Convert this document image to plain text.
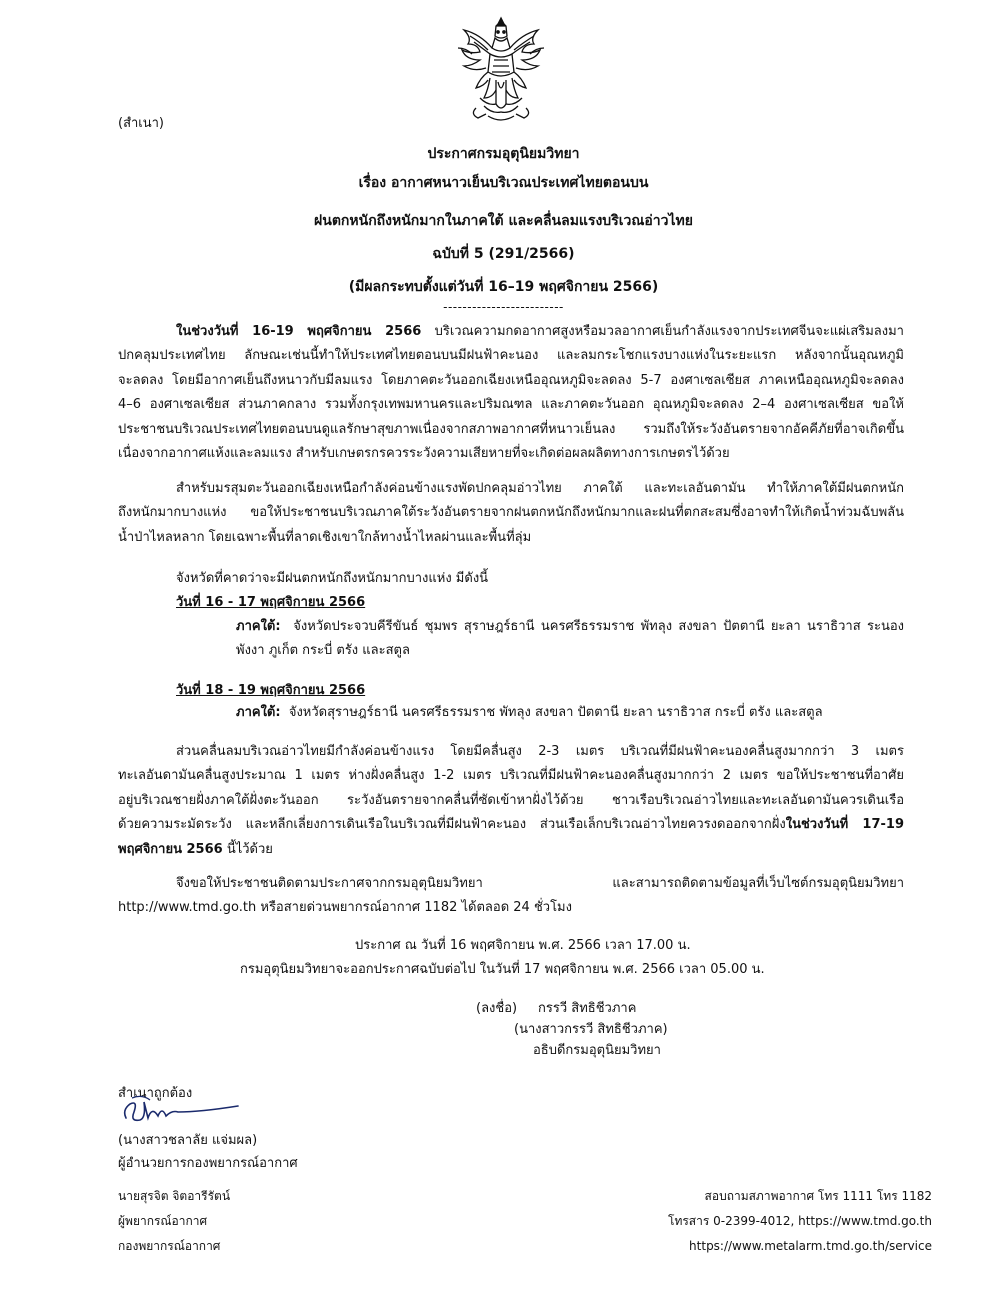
(สำเนา)
ประกาศกรมอุตุนิยมวิทยา
เรื่อง อากาศหนาวเย็นบริเวณประเทศไทยตอนบน
ฝนตกหนักถึงหนักมากในภาคใต้ และคลื่นลมแรงบริเวณอ่าวไทย
ฉบับที่ 5 (291/2566)
(มีผลกระทบตั้งแต่วันที่ 16–19 พฤศจิกายน 2566)
-------------------------
ในช่วงวันที่ 16-19 พฤศจิกายน 2566 บริเวณความกดอากาศสูงหรือมวลอากาศเย็นกำลังแรงจากประเทศจีนจะแผ่เสริมลงมา
ปกคลุมประเทศไทย ลักษณะเช่นนี้ทำให้ประเทศไทยตอนบนมีฝนฟ้าคะนอง และลมกระโชกแรงบางแห่งในระยะแรก หลังจากนั้นอุณหภูมิ
จะลดลง โดยมีอากาศเย็นถึงหนาวกับมีลมแรง โดยภาคตะวันออกเฉียงเหนืออุณหภูมิจะลดลง 5-7 องศาเซลเซียส ภาคเหนืออุณหภูมิจะลดลง
4–6 องศาเซลเซียส ส่วนภาคกลาง รวมทั้งกรุงเทพมหานครและปริมณฑล และภาคตะวันออก อุณหภูมิจะลดลง 2–4 องศาเซลเซียส ขอให้
ประชาชนบริเวณประเทศไทยตอนบนดูแลรักษาสุขภาพเนื่องจากสภาพอากาศที่หนาวเย็นลง รวมถึงให้ระวังอันตรายจากอัคคีภัยที่อาจเกิดขึ้น
เนื่องจากอากาศแห้งและลมแรง สำหรับเกษตรกรควรระวังความเสียหายที่จะเกิดต่อผลผลิตทางการเกษตรไว้ด้วย
สำหรับมรสุมตะวันออกเฉียงเหนือกำลังค่อนข้างแรงพัดปกคลุมอ่าวไทย ภาคใต้ และทะเลอันดามัน ทำให้ภาคใต้มีฝนตกหนัก
ถึงหนักมากบางแห่ง ขอให้ประชาชนบริเวณภาคใต้ระวังอันตรายจากฝนตกหนักถึงหนักมากและฝนที่ตกสะสมซึ่งอาจทำให้เกิดน้ำท่วมฉับพลัน
น้ำป่าไหลหลาก โดยเฉพาะพื้นที่ลาดเชิงเขาใกล้ทางน้ำไหลผ่านและพื้นที่ลุ่ม
จังหวัดที่คาดว่าจะมีฝนตกหนักถึงหนักมากบางแห่ง มีดังนี้
วันที่ 16 - 17 พฤศจิกายน 2566
ภาคใต้: จังหวัดประจวบคีรีขันธ์ ชุมพร สุราษฎร์ธานี นครศรีธรรมราช พัทลุง สงขลา ปัตตานี ยะลา นราธิวาส ระนอง
พังงา ภูเก็ต กระบี่ ตรัง และสตูล
วันที่ 18 - 19 พฤศจิกายน 2566
ภาคใต้: จังหวัดสุราษฎร์ธานี นครศรีธรรมราช พัทลุง สงขลา ปัตตานี ยะลา นราธิวาส กระบี่ ตรัง และสตูล
ส่วนคลื่นลมบริเวณอ่าวไทยมีกำลังค่อนข้างแรง โดยมีคลื่นสูง 2-3 เมตร บริเวณที่มีฝนฟ้าคะนองคลื่นสูงมากกว่า 3 เมตร
ทะเลอันดามันคลื่นสูงประมาณ 1 เมตร ห่างฝั่งคลื่นสูง 1-2 เมตร บริเวณที่มีฝนฟ้าคะนองคลื่นสูงมากกว่า 2 เมตร ขอให้ประชาชนที่อาศัย
อยู่บริเวณชายฝั่งภาคใต้ฝั่งตะวันออก ระวังอันตรายจากคลื่นที่ซัดเข้าหาฝั่งไว้ด้วย ชาวเรือบริเวณอ่าวไทยและทะเลอันดามันควรเดินเรือ
ด้วยความระมัดระวัง และหลีกเลี่ยงการเดินเรือในบริเวณที่มีฝนฟ้าคะนอง ส่วนเรือเล็กบริเวณอ่าวไทยควรงดออกจากฝั่งในช่วงวันที่ 17-19
พฤศจิกายน 2566 นี้ไว้ด้วย
จึงขอให้ประชาชนติดตามประกาศจากกรมอุตุนิยมวิทยา และสามารถติดตามข้อมูลที่เว็บไซต์กรมอุตุนิยมวิทยา
http://www.tmd.go.th หรือสายด่วนพยากรณ์อากาศ 1182 ได้ตลอด 24 ชั่วโมง
ประกาศ ณ วันที่ 16 พฤศจิกายน พ.ศ. 2566 เวลา 17.00 น.
กรมอุตุนิยมวิทยาจะออกประกาศฉบับต่อไป ในวันที่ 17 พฤศจิกายน พ.ศ. 2566 เวลา 05.00 น.
(ลงชื่อ) กรรวี สิทธิชีวภาค
(นางสาวกรรวี สิทธิชีวภาค)
อธิบดีกรมอุตุนิยมวิทยา
สำเนาถูกต้อง
(นางสาวชลาลัย แจ่มผล)
ผู้อำนวยการกองพยากรณ์อากาศ
นายสุรจิต จิตอารีรัตน์
ผู้พยากรณ์อากาศ
กองพยากรณ์อากาศ
สอบถามสภาพอากาศ โทร 1111 โทร 1182
โทรสาร 0-2399-4012, https://www.tmd.go.th
https://www.metalarm.tmd.go.th/service
